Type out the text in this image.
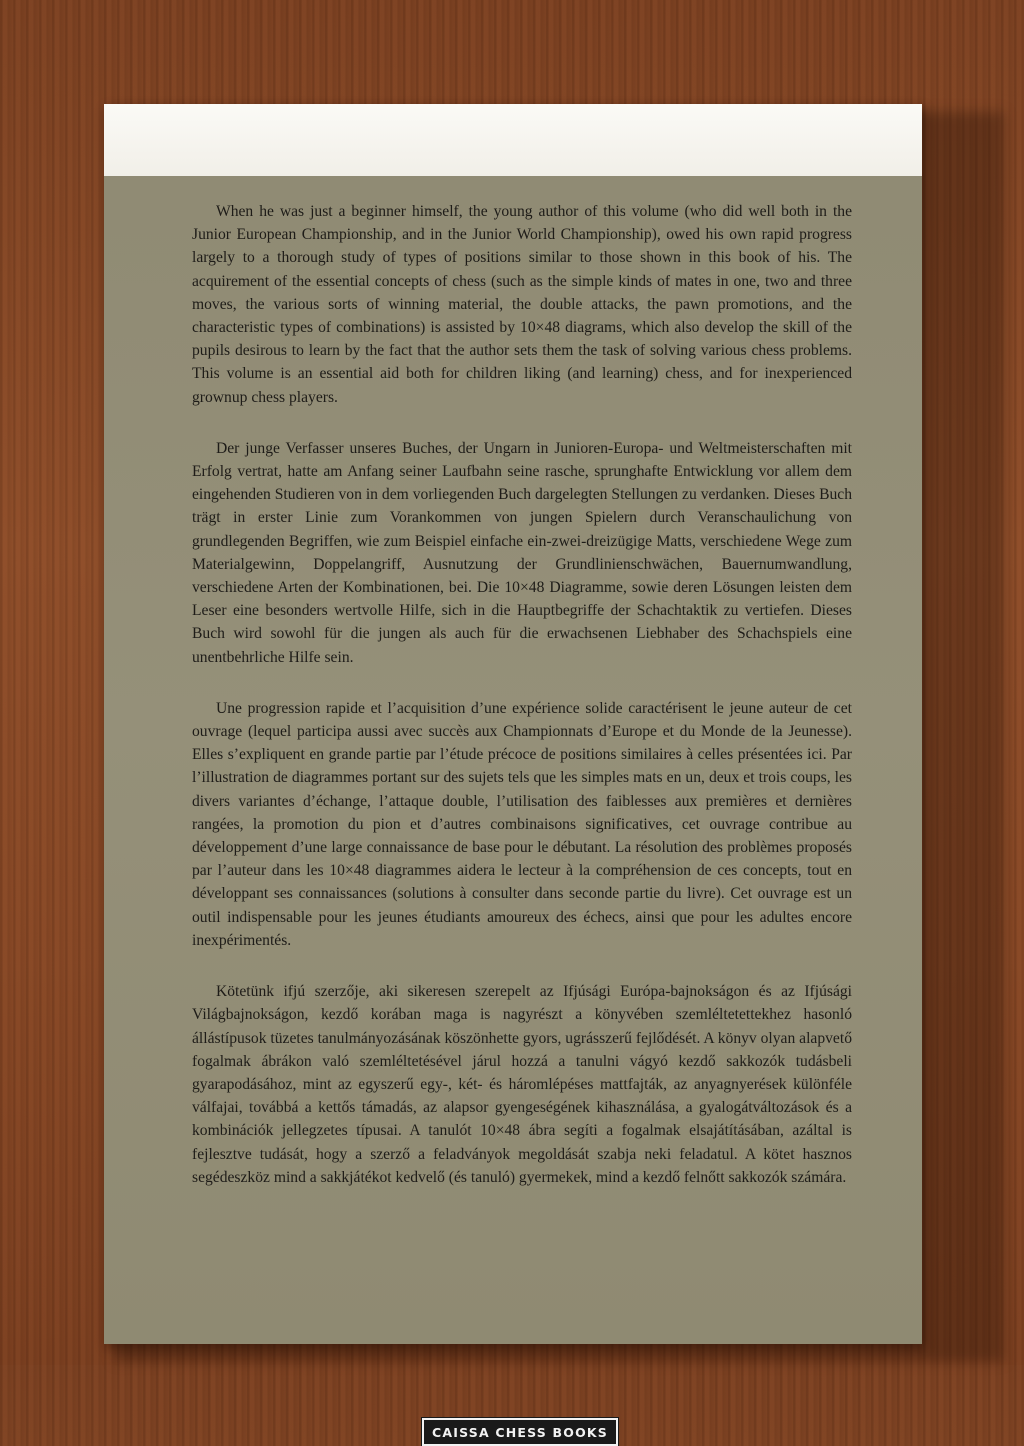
When he was just a beginner himself, the young author of this volume (who did well both in the Junior European Championship, and in the Junior World Championship), owed his own rapid progress largely to a thorough study of types of positions similar to those shown in this book of his. The acquirement of the essential concepts of chess (such as the simple kinds of mates in one, two and three moves, the various sorts of winning material, the double attacks, the pawn promotions, and the characteristic types of combinations) is assisted by 10×48 diagrams, which also develop the skill of the pupils desirous to learn by the fact that the author sets them the task of solving various chess problems. This volume is an essential aid both for children liking (and learning) chess, and for inexperienced grownup chess players.

Der junge Verfasser unseres Buches, der Ungarn in Junioren-Europa- und Weltmeisterschaften mit Erfolg vertrat, hatte am Anfang seiner Laufbahn seine rasche, sprunghafte Entwicklung vor allem dem eingehenden Studieren von in dem vorliegenden Buch dargelegten Stellungen zu verdanken. Dieses Buch trägt in erster Linie zum Vorankommen von jungen Spielern durch Veranschaulichung von grundlegenden Begriffen, wie zum Beispiel einfache ein-zwei-dreizügige Matts, verschiedene Wege zum Materialgewinn, Doppelangriff, Ausnutzung der Grundlinienschwächen, Bauernumwandlung, verschiedene Arten der Kombinationen, bei. Die 10×48 Diagramme, sowie deren Lösungen leisten dem Leser eine besonders wertvolle Hilfe, sich in die Hauptbegriffe der Schachtaktik zu vertiefen. Dieses Buch wird sowohl für die jungen als auch für die erwachsenen Liebhaber des Schachspiels eine unentbehrliche Hilfe sein.

Une progression rapide et l’acquisition d’une expérience solide caractérisent le jeune auteur de cet ouvrage (lequel participa aussi avec succès aux Championnats d’Europe et du Monde de la Jeunesse). Elles s’expliquent en grande partie par l’étude précoce de positions similaires à celles présentées ici. Par l’illustration de diagrammes portant sur des sujets tels que les simples mats en un, deux et trois coups, les divers variantes d’échange, l’attaque double, l’utilisation des faiblesses aux premières et dernières rangées, la promotion du pion et d’autres combinaisons significatives, cet ouvrage contribue au développement d’une large connaissance de base pour le débutant. La résolution des problèmes proposés par l’auteur dans les 10×48 diagrammes aidera le lecteur à la compréhension de ces concepts, tout en développant ses connaissances (solutions à consulter dans seconde partie du livre). Cet ouvrage est un outil indispensable pour les jeunes étudiants amoureux des échecs, ainsi que pour les adultes encore inexpérimentés.

Kötetünk ifjú szerzője, aki sikeresen szerepelt az Ifjúsági Európa-bajnokságon és az Ifjúsági Világbajnokságon, kezdő korában maga is nagyrészt a könyvében szemléltetettekhez hasonló állástípusok tüzetes tanulmányozásának köszönhette gyors, ugrásszerű fejlődését. A könyv olyan alapvető fogalmak ábrákon való szemléltetésével járul hozzá a tanulni vágyó kezdő sakkozók tudásbeli gyarapodásához, mint az egyszerű egy-, két- és háromlépéses mattfajták, az anyagnyerések különféle válfajai, továbbá a kettős támadás, az alapsor gyengeségének kihasználása, a gyalogátváltozások és a kombinációk jellegzetes típusai. A tanulót 10×48 ábra segíti a fogalmak elsajátításában, azáltal is fejlesztve tudását, hogy a szerző a feladványok megoldását szabja neki feladatul. A kötet hasznos segédeszköz mind a sakkjátékot kedvelő (és tanuló) gyermekek, mind a kezdő felnőtt sakkozók számára.

CAISSA CHESS BOOKS
